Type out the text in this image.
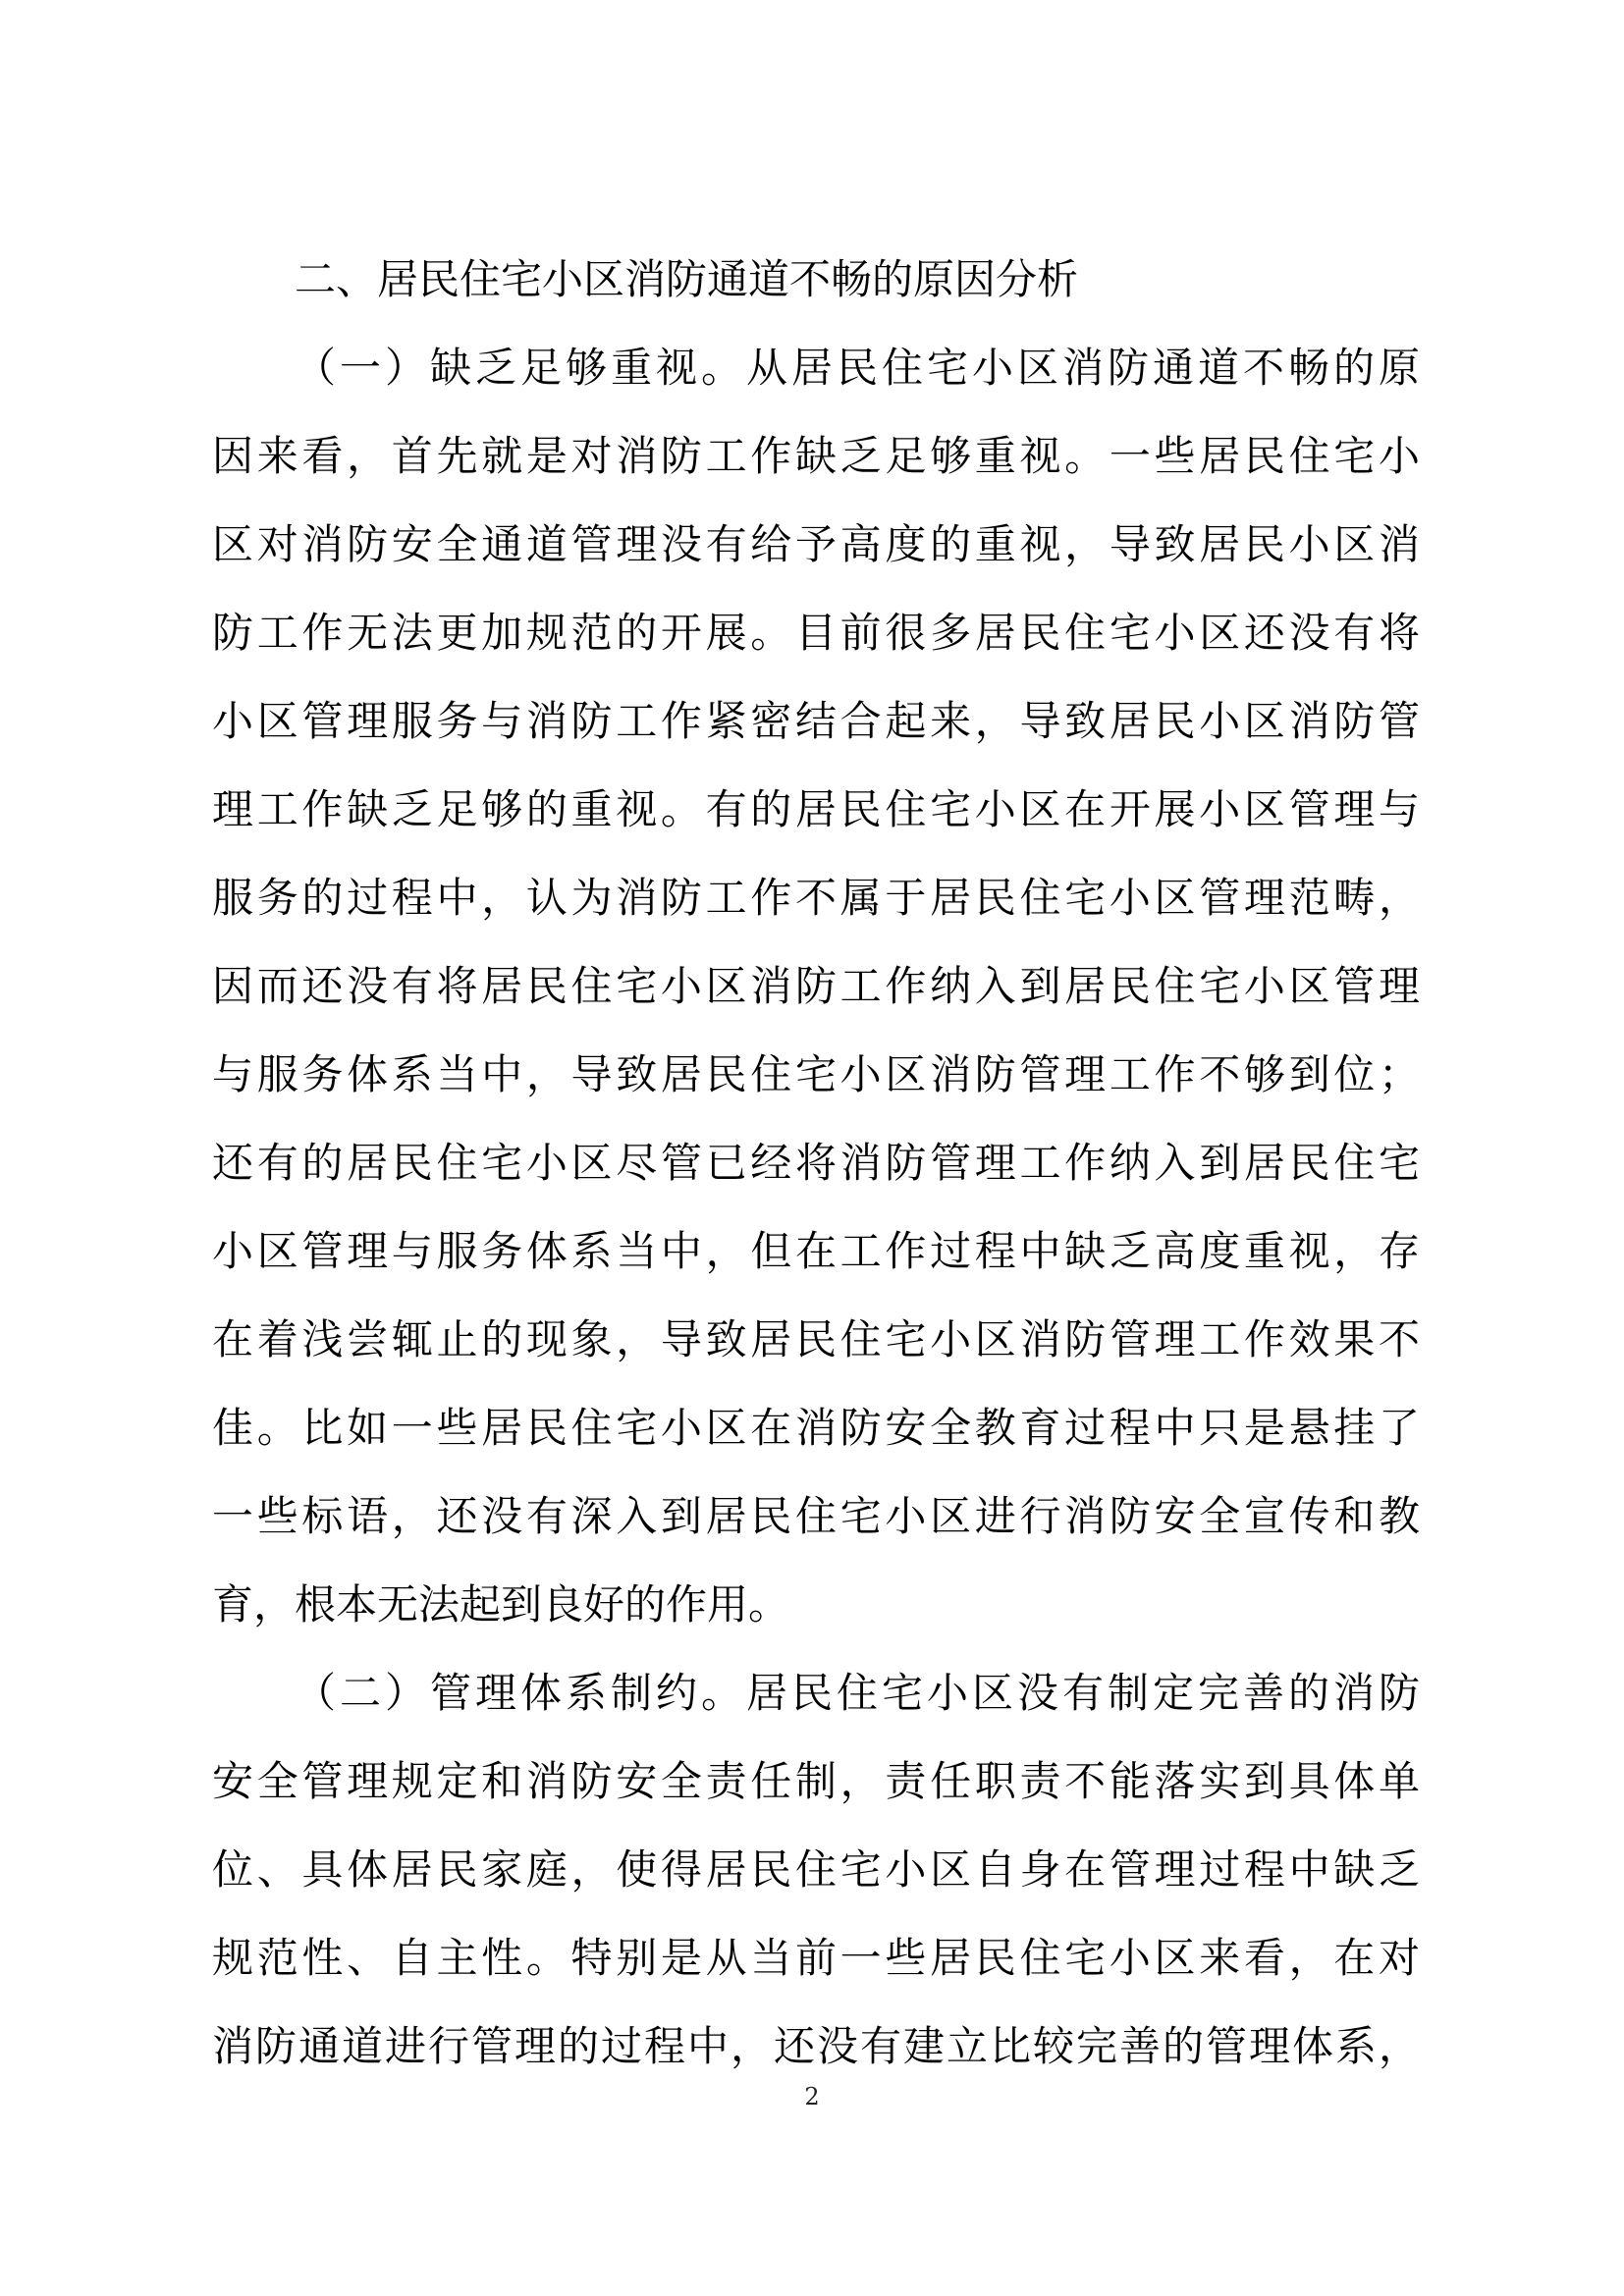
二、居民住宅小区消防通道不畅的原因分析
（一）缺乏足够重视。从居民住宅小区消防通道不畅的原
因来看，首先就是对消防工作缺乏足够重视。一些居民住宅小
区对消防安全通道管理没有给予高度的重视，导致居民小区消
防工作无法更加规范的开展。目前很多居民住宅小区还没有将
小区管理服务与消防工作紧密结合起来，导致居民小区消防管
理工作缺乏足够的重视。有的居民住宅小区在开展小区管理与
服务的过程中，认为消防工作不属于居民住宅小区管理范畴，
因而还没有将居民住宅小区消防工作纳入到居民住宅小区管理
与服务体系当中，导致居民住宅小区消防管理工作不够到位；
还有的居民住宅小区尽管已经将消防管理工作纳入到居民住宅
小区管理与服务体系当中，但在工作过程中缺乏高度重视，存
在着浅尝辄止的现象，导致居民住宅小区消防管理工作效果不
佳。比如一些居民住宅小区在消防安全教育过程中只是悬挂了
一些标语，还没有深入到居民住宅小区进行消防安全宣传和教
育，根本无法起到良好的作用。
（二）管理体系制约。居民住宅小区没有制定完善的消防
安全管理规定和消防安全责任制，责任职责不能落实到具体单
位、具体居民家庭，使得居民住宅小区自身在管理过程中缺乏
规范性、自主性。特别是从当前一些居民住宅小区来看，在对
消防通道进行管理的过程中，还没有建立比较完善的管理体系，
2
